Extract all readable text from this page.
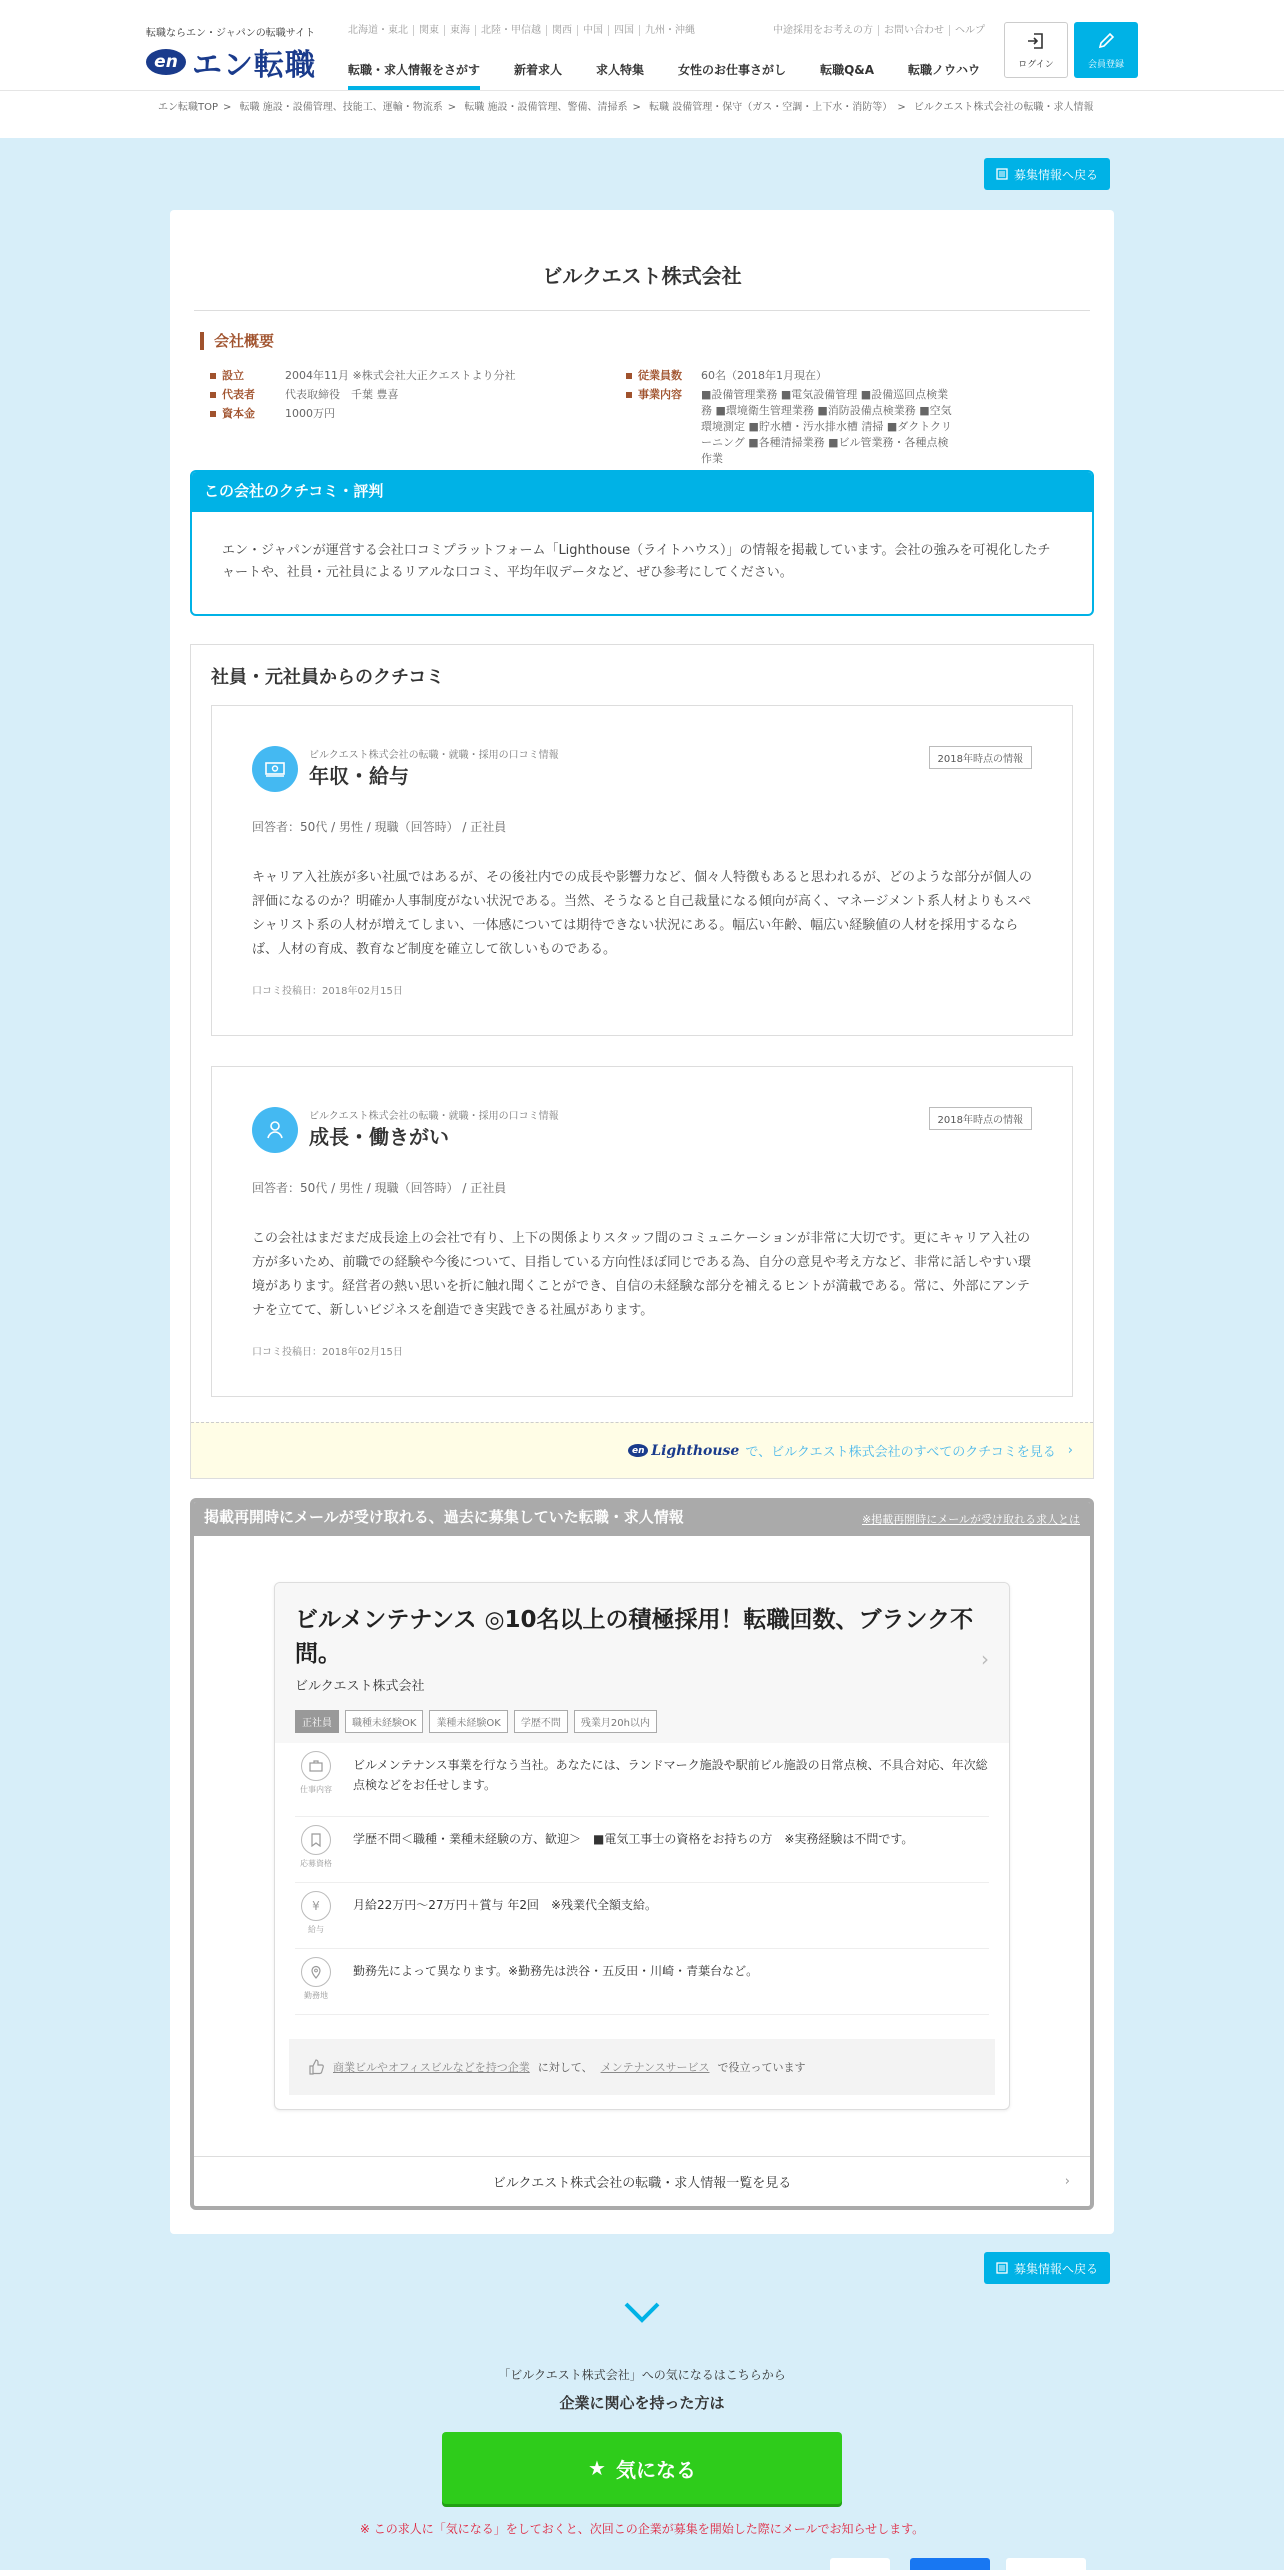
転職ならエン・ジャパンの転職サイト
en エン転職
北海道・東北	関東	東海	北陸・甲信越	関西	中国	四国	九州・沖縄	中途採用をお考えの方	お問い合わせ	ヘルプ
転職・求人情報をさがす	新着求人	求人特集	女性のお仕事さがし	転職Q&A	転職ノウハウ	ログイン	会員登録
エン転職TOP > 転職 施設・設備管理、技能工、運輸・物流系 > 転職 施設・設備管理、警備、清掃系 > 転職 設備管理・保守（ガス・空調・上下水・消防等） > ビルクエスト株式会社の転職・求人情報
募集情報へ戻る
ビルクエスト株式会社
会社概要
設立	2004年11月 ※株式会社大正クエストより分社
代表者	代表取締役　千葉 豊喜
資本金	1000万円
従業員数	60名（2018年1月現在）
事業内容	■設備管理業務 ■電気設備管理 ■設備巡回点検業務 ■環境衛生管理業務 ■消防設備点検業務 ■空気環境測定 ■貯水槽・汚水排水槽 清掃 ■ダクトクリーニング ■各種清掃業務 ■ビル管業務・各種点検作業
この会社のクチコミ・評判
エン・ジャパンが運営する会社口コミプラットフォーム「Lighthouse（ライトハウス）」の情報を掲載しています。会社の強みを可視化したチャートや、社員・元社員によるリアルな口コミ、平均年収データなど、ぜひ参考にしてください。
社員・元社員からのクチコミ
ビルクエスト株式会社の転職・就職・採用の口コミ情報
年収・給与
2018年時点の情報
回答者：50代 / 男性 / 現職（回答時） / 正社員
キャリア入社族が多い社風ではあるが、その後社内での成長や影響力など、個々人特徴もあると思われるが、どのような部分が個人の評価になるのか？明確か人事制度がない状況である。当然、そうなると自己裁量になる傾向が高く、マネージメント系人材よりもスペシャリスト系の人材が増えてしまい、一体感については期待できない状況にある。幅広い年齢、幅広い経験値の人材を採用するならば、人材の育成、教育など制度を確立して欲しいものである。
口コミ投稿日：2018年02月15日
ビルクエスト株式会社の転職・就職・採用の口コミ情報
成長・働きがい
2018年時点の情報
回答者：50代 / 男性 / 現職（回答時） / 正社員
この会社はまだまだ成長途上の会社で有り、上下の関係よりスタッフ間のコミュニケーションが非常に大切です。更にキャリア入社の方が多いため、前職での経験や今後について、目指している方向性ほぼ同じである為、自分の意見や考え方など、非常に話しやすい環境があります。経営者の熱い思いを折に触れ聞くことができ、自信の未経験な部分を補えるヒントが満載である。常に、外部にアンテナを立てて、新しいビジネスを創造でき実践できる社風があります。
口コミ投稿日：2018年02月15日
en Lighthouse で、ビルクエスト株式会社のすべてのクチコミを見る ›
掲載再開時にメールが受け取れる、過去に募集していた転職・求人情報	※掲載再開時にメールが受け取れる求人とは
ビルメンテナンス ◎10名以上の積極採用！転職回数、ブランク不問。
ビルクエスト株式会社
正社員	職種未経験OK	業種未経験OK	学歴不問	残業月20h以内
›
仕事内容
ビルメンテナンス事業を行なう当社。あなたには、ランドマーク施設や駅前ビル施設の日常点検、不具合対応、年次総点検などをお任せします。
応募資格
学歴不問＜職種・業種未経験の方、歓迎＞　■電気工事士の資格をお持ちの方　※実務経験は不問です。
¥
給与
月給22万円～27万円＋賞与 年2回　※残業代全額支給。
勤務地
勤務先によって異なります。※勤務先は渋谷・五反田・川崎・青葉台など。
商業ビルやオフィスビルなどを持つ企業 に対して、 メンテナンスサービス で役立っています
ビルクエスト株式会社の転職・求人情報一覧を見る	›
募集情報へ戻る
「ビルクエスト株式会社」への気になるはこちらから
企業に関心を持った方は
★ 気になる
※ この求人に「気になる」をしておくと、次回この企業が募集を開始した際にメールでお知らせします。
